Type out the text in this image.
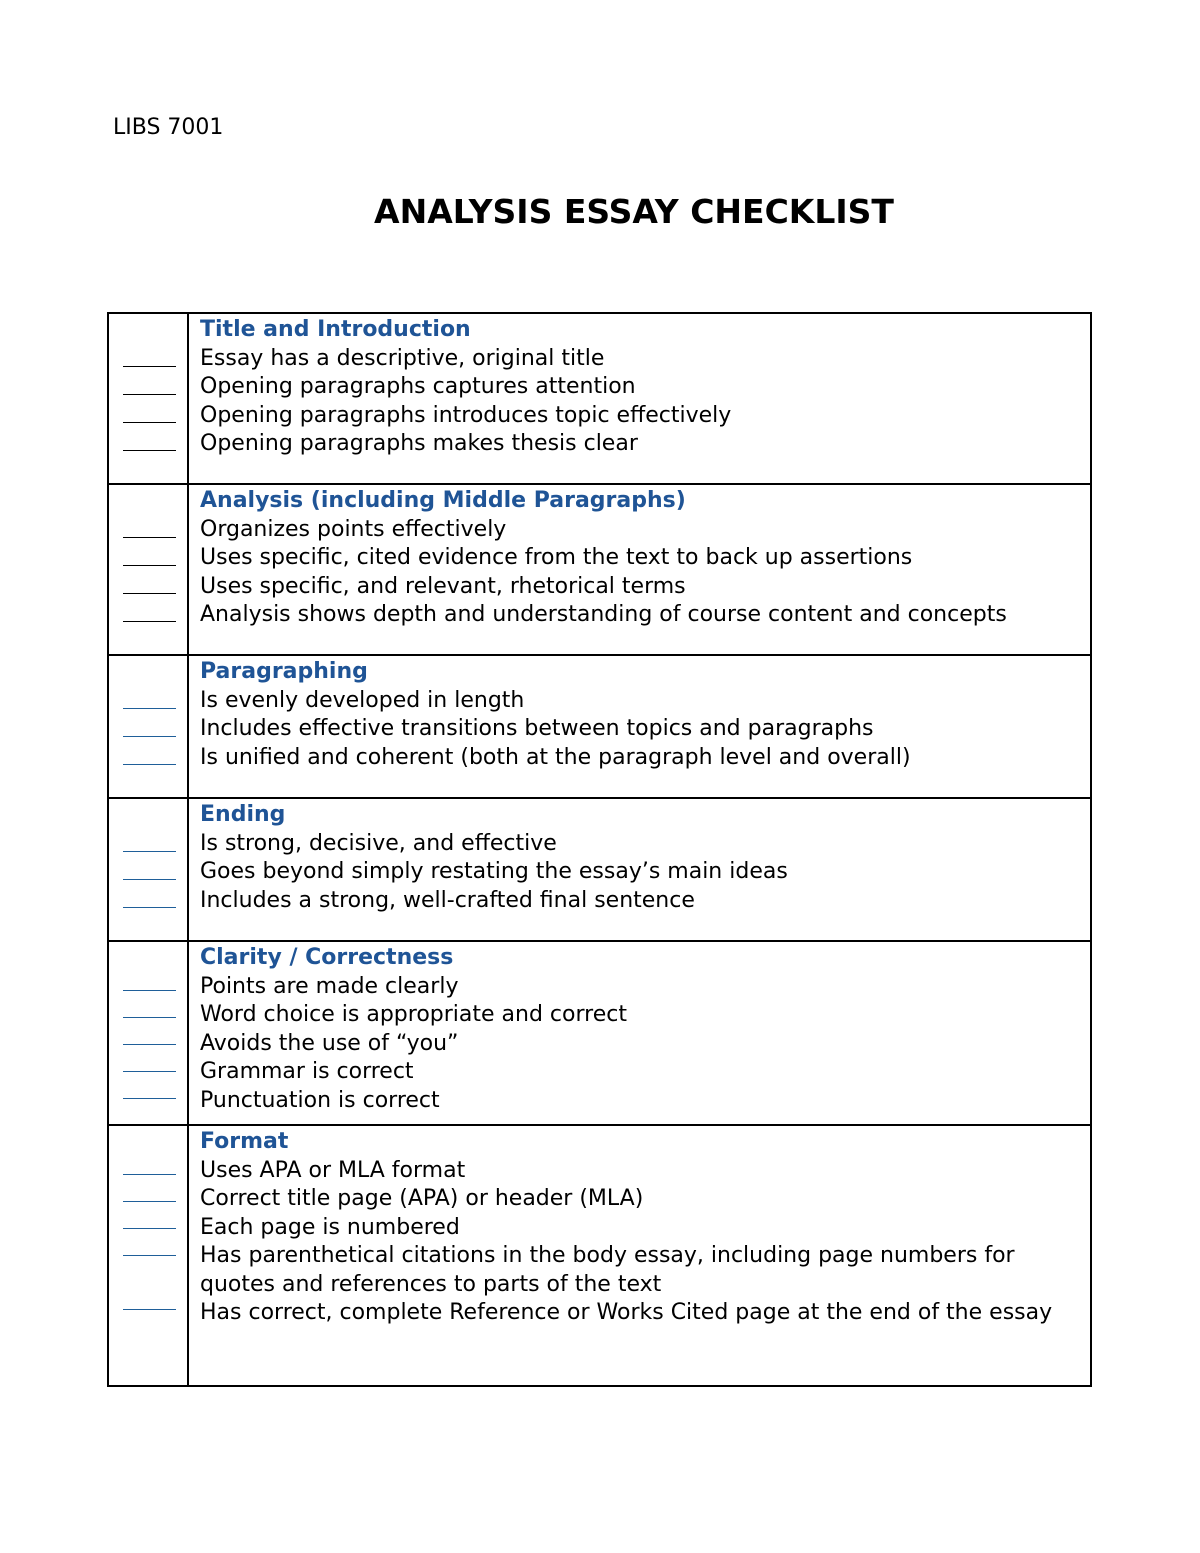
LIBS 7001
ANALYSIS ESSAY CHECKLIST

Title and Introduction

Essay has a descriptive, original title

Opening paragraphs captures attention

Opening paragraphs introduces topic effectively

Opening paragraphs makes thesis clear

Analysis (including Middle Paragraphs)

Organizes points effectively

Uses specific, cited evidence from the text to back up assertions

Uses specific, and relevant, rhetorical terms

Analysis shows depth and understanding of course content and concepts

Paragraphing

Is evenly developed in length

Includes effective transitions between topics and paragraphs

Is unified and coherent (both at the paragraph level and overall)

Ending

Is strong, decisive, and effective

Goes beyond simply restating the essay’s main ideas

Includes a strong, well-crafted final sentence

Clarity / Correctness

Points are made clearly

Word choice is appropriate and correct

Avoids the use of “you”

Grammar is correct

Punctuation is correct

Format

Uses APA or MLA format

Correct title page (APA) or header (MLA)

Each page is numbered

Has parenthetical citations in the body essay, including page numbers for quotes and references to parts of the text

Has correct, complete Reference or Works Cited page at the end of the essay
